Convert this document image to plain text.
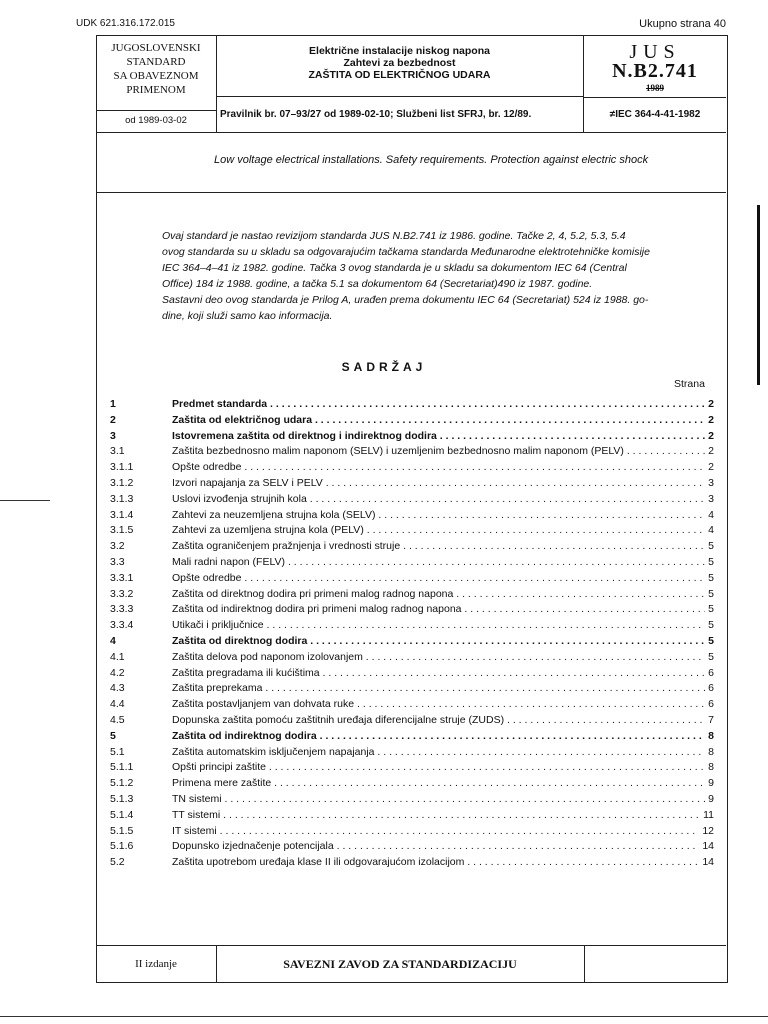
UDK 621.316.172.015	Ukupno strana 40
JUGOSLOVENSKI
STANDARD
SA OBAVEZNOM
PRIMENOM
od 1989-03-02
Električne instalacije niskog napona
Zahtevi za bezbednost
ZAŠTITA OD ELEKTRIČNOG UDARA
JUS
N.B2.741
1989
Pravilnik br. 07–93/27 od 1989-02-10; Službeni list SFRJ, br. 12/89.	≠IEC 364-4-41-1982
Low voltage electrical installations. Safety requirements. Protection against electric shock
Ovaj standard je nastao revizijom standarda JUS N.B2.741 iz 1986. godine. Tačke 2, 4, 5.2, 5.3, 5.4
ovog standarda su u skladu sa odgovarajućim tačkama standarda Međunarodne elektrotehničke komisije
IEC 364–4–41 iz 1982. godine. Tačka 3 ovog standarda je u skladu sa dokumentom IEC 64 (Central
Office) 184 iz 1988. godine, a tačka 5.1 sa dokumentom 64 (Secretariat)490 iz 1987. godine.
Sastavni deo ovog standarda je Prilog A, urađen prema dokumentu IEC 64 (Secretariat) 524 iz 1988. go-
dine, koji služi samo kao informacija.
SADRŽAJ
Strana
1	Predmet standarda . . .	2
2	Zaštita od električnog udara . . .	2
3	Istovremena zaštita od direktnog i indirektnog dodira . . .	2
3.1	Zaštita bezbednosno malim naponom (SELV) i uzemljenim bezbednosno malim naponom (PELV) . . .	2
3.1.1	Opšte odredbe . . .	2
3.1.2	Izvori napajanja za SELV i PELV . . .	3
3.1.3	Uslovi izvođenja strujnih kola . . .	3
3.1.4	Zahtevi za neuzemljena strujna kola (SELV) . . .	4
3.1.5	Zahtevi za uzemljena strujna kola (PELV) . . .	4
3.2	Zaštita ograničenjem pražnjenja i vrednosti struje . . .	5
3.3	Mali radni napon (FELV) . . .	5
3.3.1	Opšte odredbe . . .	5
3.3.2	Zaštita od direktnog dodira pri primeni malog radnog napona . . .	5
3.3.3	Zaštita od indirektnog dodira pri primeni malog radnog napona . . .	5
3.3.4	Utikači i priključnice . . .	5
4	Zaštita od direktnog dodira . . .	5
4.1	Zaštita delova pod naponom izolovanjem . . .	5
4.2	Zaštita pregradama ili kućištima . . .	6
4.3	Zaštita preprekama . . .	6
4.4	Zaštita postavljanjem van dohvata ruke . . .	6
4.5	Dopunska zaštita pomoću zaštitnih uređaja diferencijalne struje (ZUDS) . . .	7
5	Zaštita od indirektnog dodira . . .	8
5.1	Zaštita automatskim isključenjem napajanja . . .	8
5.1.1	Opšti principi zaštite . . .	8
5.1.2	Primena mere zaštite . . .	9
5.1.3	TN sistemi . . .	9
5.1.4	TT sistemi . . .	11
5.1.5	IT sistemi . . .	12
5.1.6	Dopunsko izjednačenje potencijala . . .	14
5.2	Zaštita upotrebom uređaja klase II ili odgovarajućom izolacijom . . .	14
II izdanje	SAVEZNI ZAVOD ZA STANDARDIZACIJU
